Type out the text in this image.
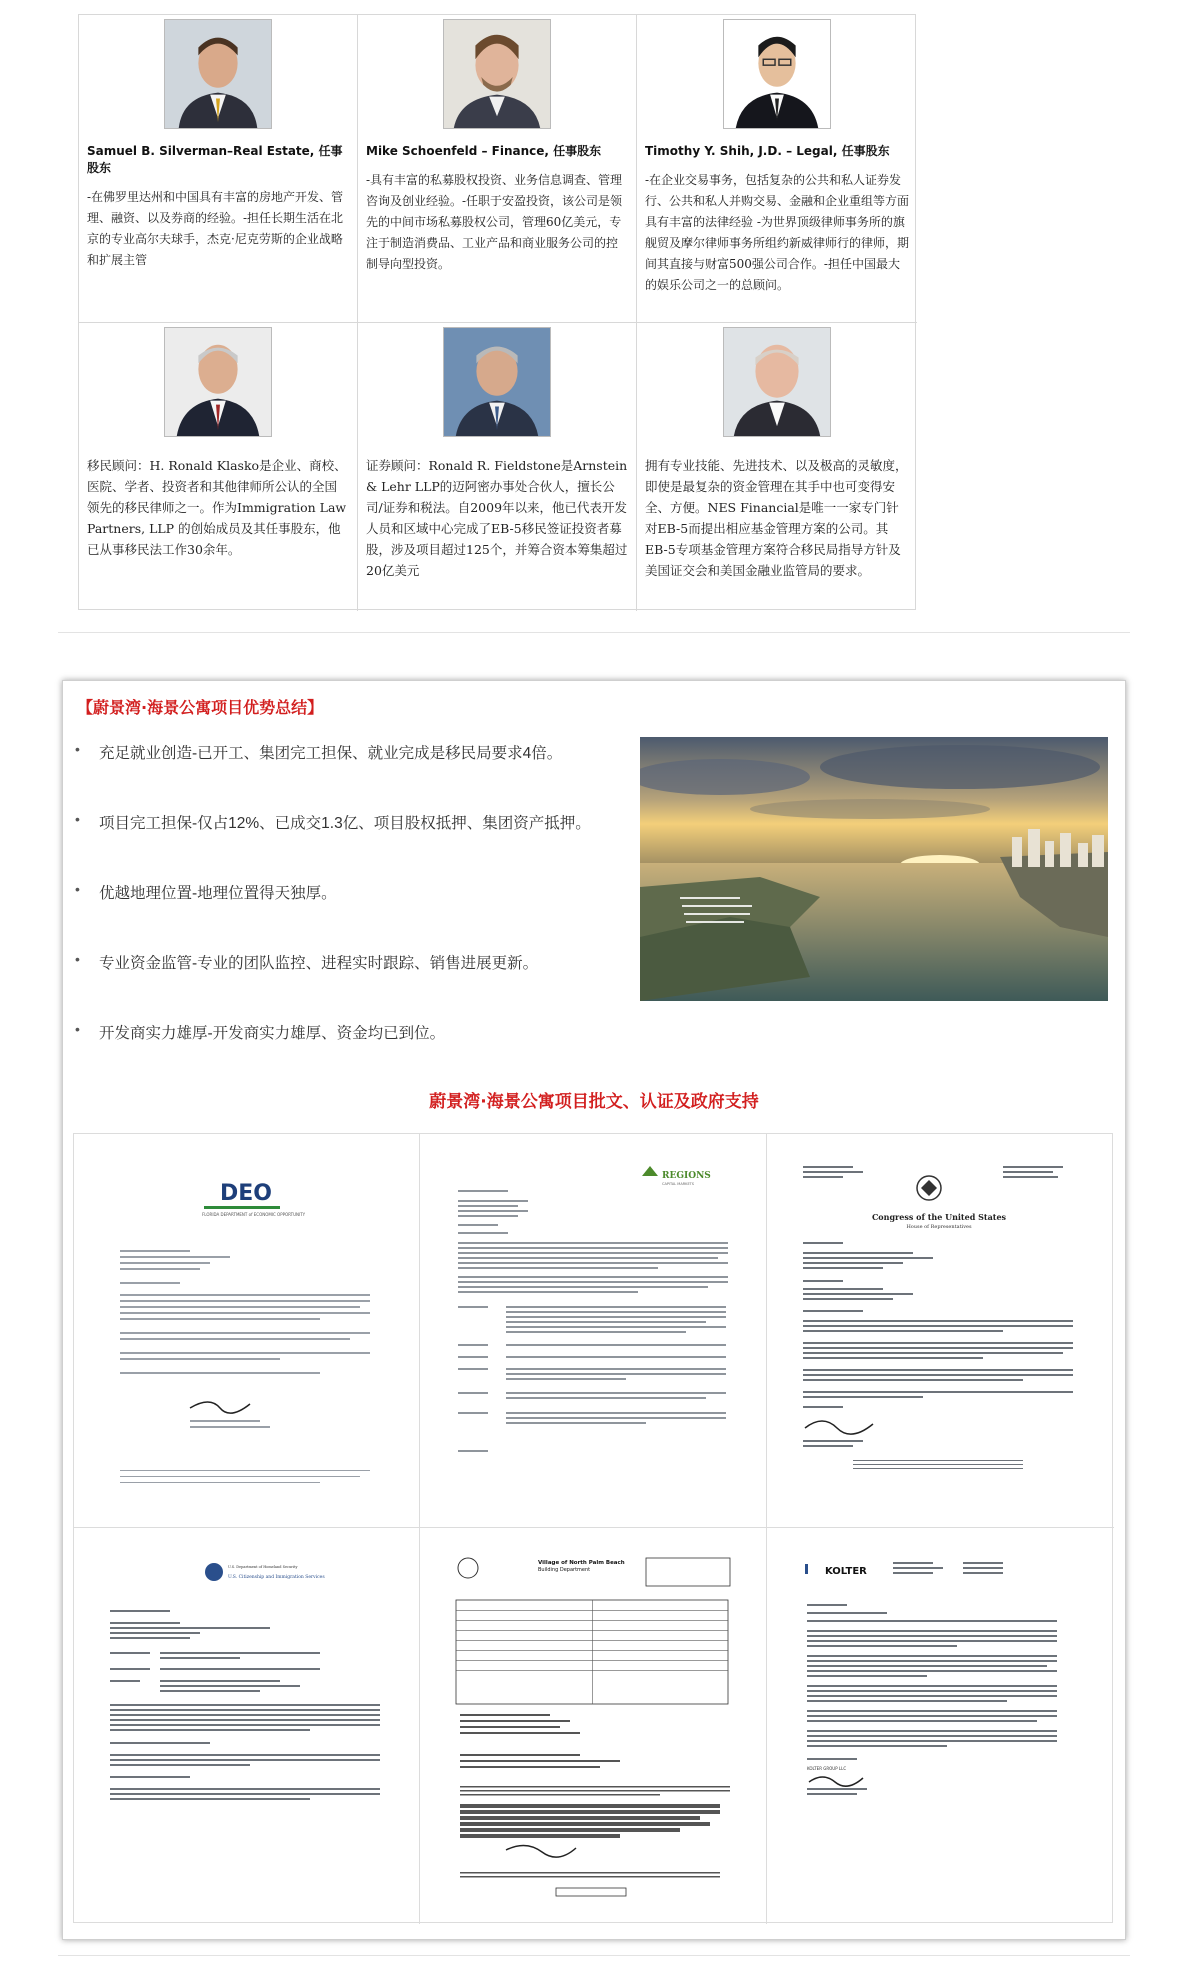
Samuel B. Silverman–Real Estate, 任事股东
-在佛罗里达州和中国具有丰富的房地产开发、管理、融资、以及券商的经验。-担任长期生活在北京的专业高尔夫球手，杰克·尼克劳斯的企业战略和扩展主管
Mike Schoenfeld – Finance, 任事股东
-具有丰富的私募股权投资、业务信息调查、管理咨询及创业经验。-任职于安盈投资，该公司是领先的中间市场私募股权公司，管理60亿美元，专注于制造消费品、工业产品和商业服务公司的控制导向型投资。
Timothy Y. Shih, J.D. – Legal, 任事股东
-在企业交易事务，包括复杂的公共和私人证券发行、公共和私人并购交易、金融和企业重组等方面具有丰富的法律经验 -为世界顶级律师事务所的旗舰贸及摩尔律师事务所组约新威律师行的律师，期间其直接与财富500强公司合作。-担任中国最大的娱乐公司之一的总顾问。
移民顾问：H. Ronald Klasko是企业、商校、医院、学者、投资者和其他律师所公认的全国领先的移民律师之一。作为Immigration Law Partners, LLP 的创始成员及其任事股东，他已从事移民法工作30余年。
证券顾问：Ronald R. Fieldstone是Arnstein & Lehr LLP的迈阿密办事处合伙人，擅长公司/证券和税法。自2009年以来，他已代表开发人员和区域中心完成了EB-5移民签证投资者募股，涉及项目超过125个，并筹合资本筹集超过20亿美元
拥有专业技能、先进技术、以及极高的灵敏度，即使是最复杂的资金管理在其手中也可变得安全、方便。NES Financial是唯一一家专门针对EB-5而提出相应基金管理方案的公司。其EB-5专项基金管理方案符合移民局指导方针及美国证交会和美国金融业监管局的要求。
【蔚景湾·海景公寓项目优势总结】
•	充足就业创造-已开工、集团完工担保、就业完成是移民局要求4倍。
•	项目完工担保-仅占12%、已成交1.3亿、项目股权抵押、集团资产抵押。
•	优越地理位置-地理位置得天独厚。
•	专业资金监管-专业的团队监控、进程实时跟踪、销售进展更新。
•	开发商实力雄厚-开发商实力雄厚、资金均已到位。
蔚景湾·海景公寓项目批文、认证及政府支持
DEO
FLORIDA DEPARTMENT of ECONOMIC OPPORTUNITY
REGIONS
CAPITAL MARKETS
Congress of the United States
House of Representatives
U.S. Department of Homeland Security
U.S. Citizenship and Immigration Services
Village of North Palm Beach
Building Department	KOLTER
KOLTER GROUP LLC
